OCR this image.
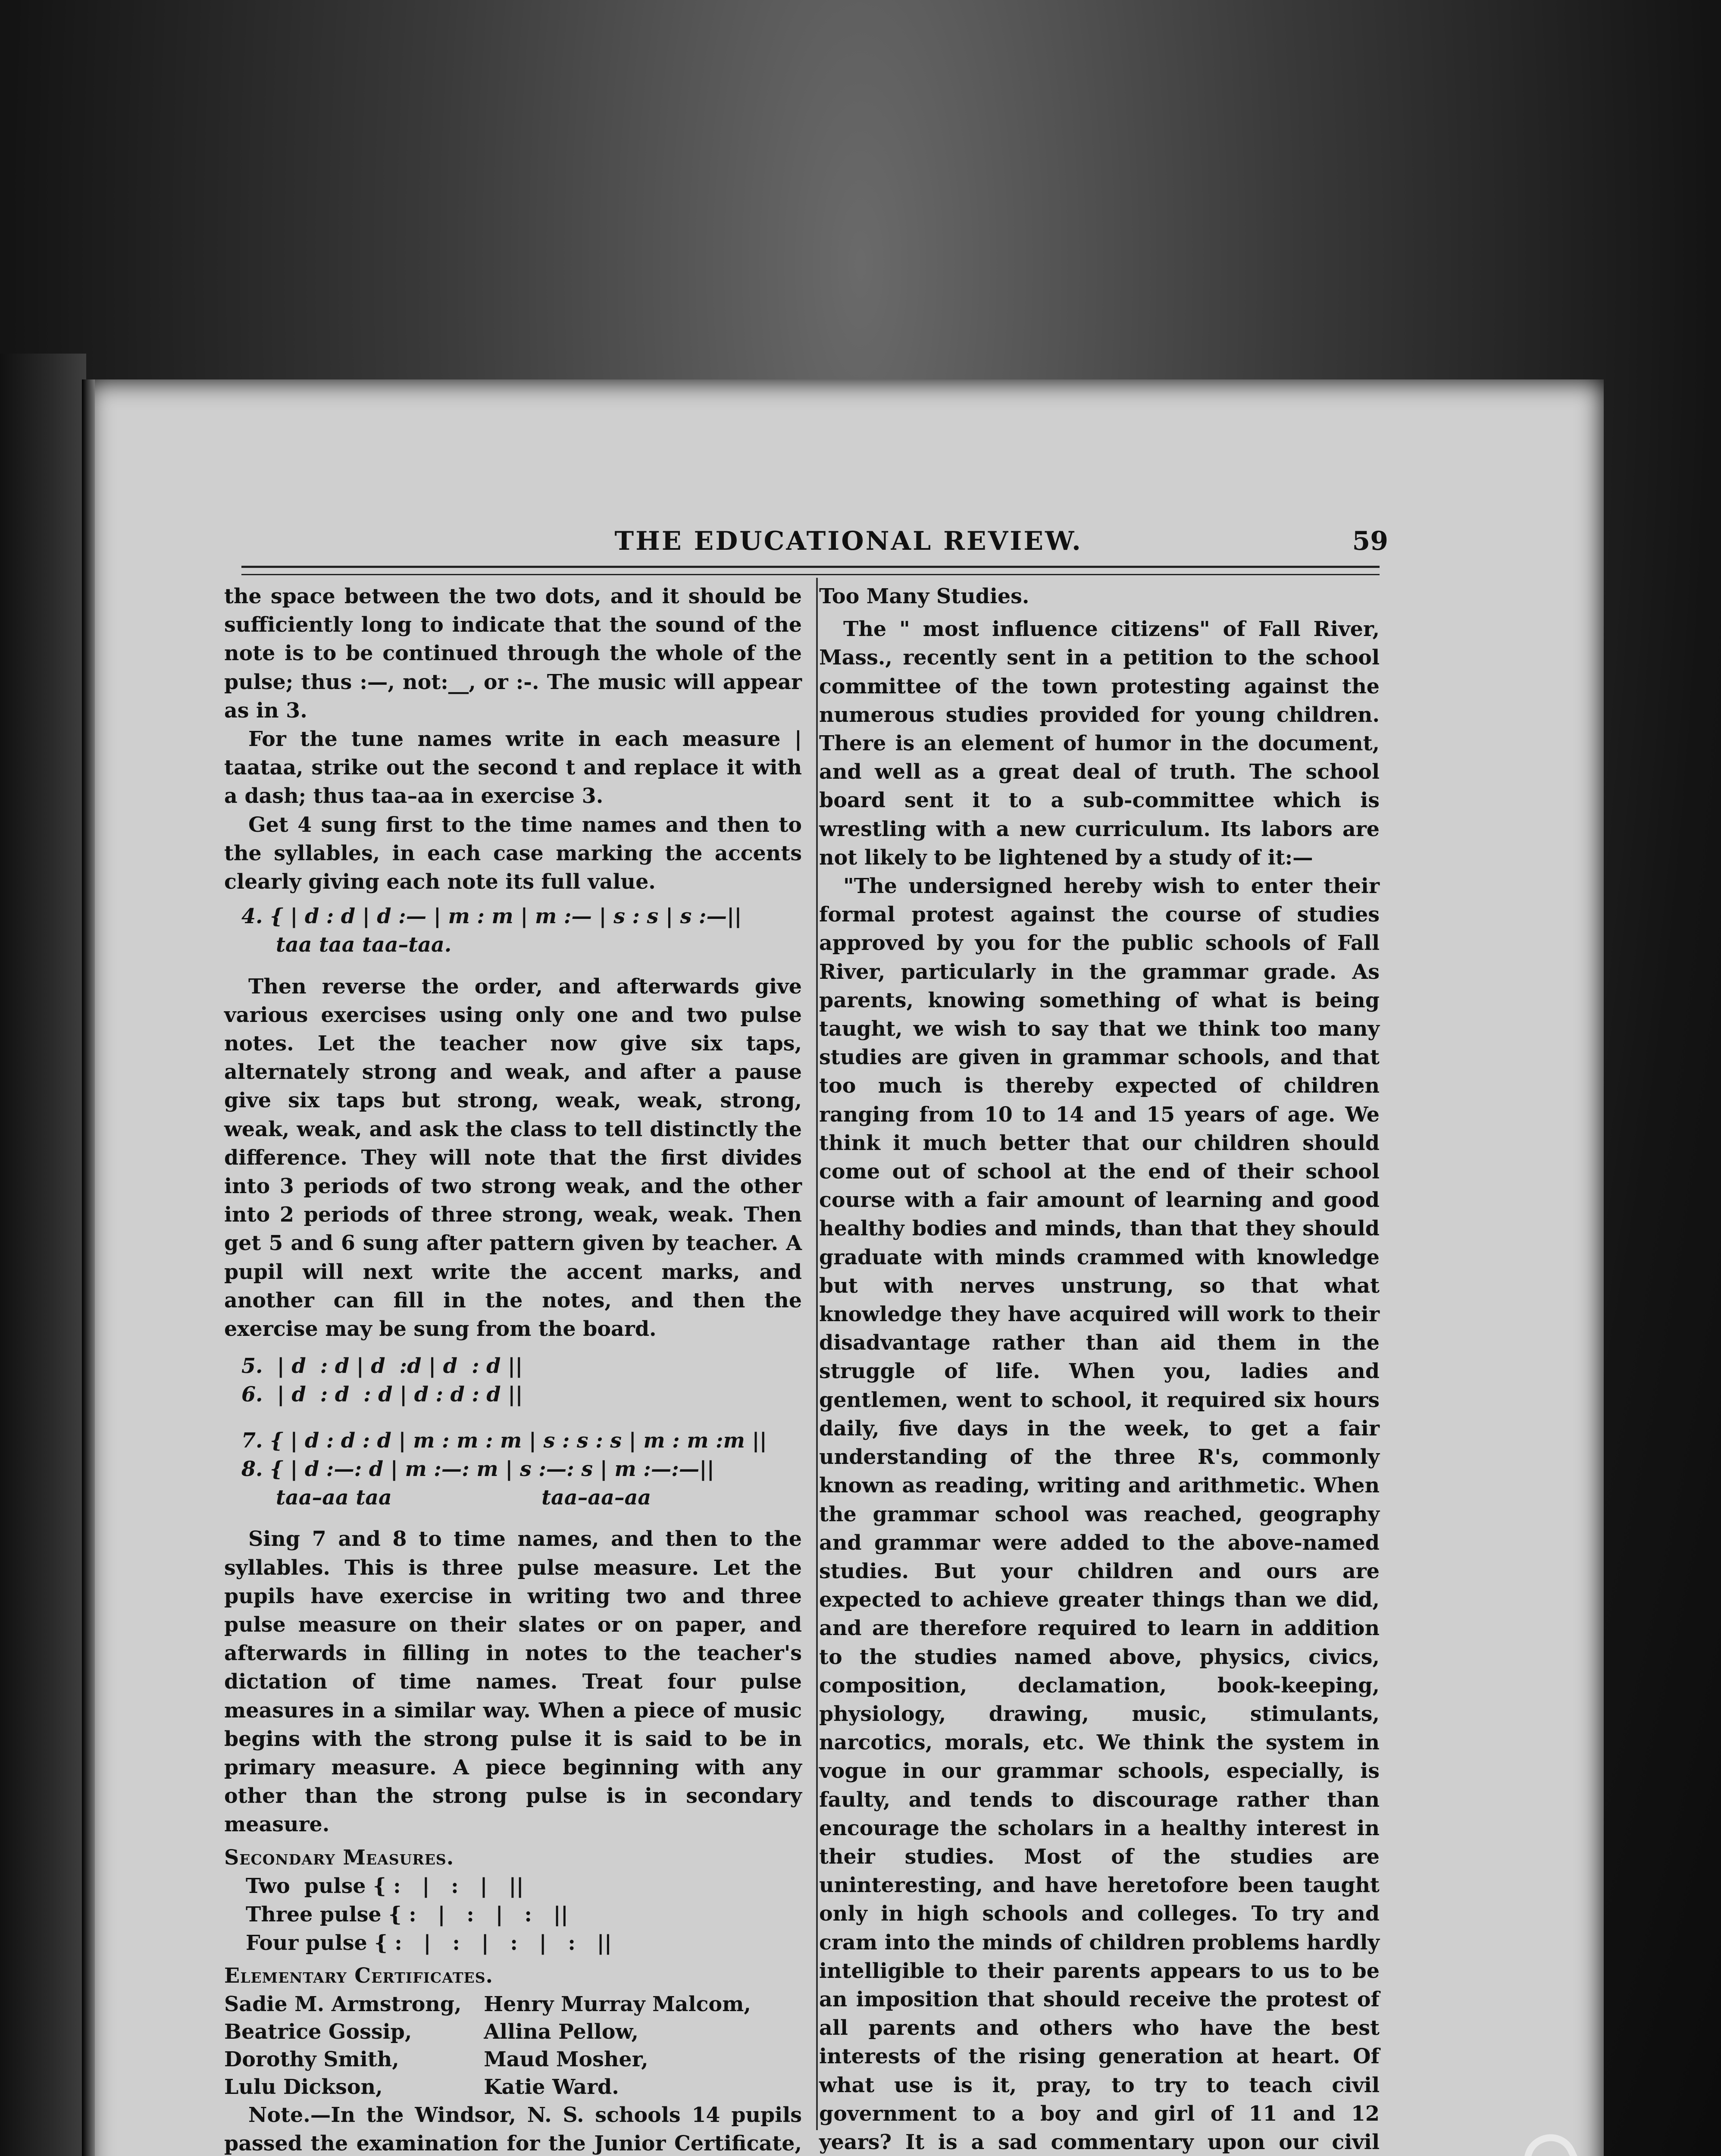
THE EDUCATIONAL REVIEW.	59

the space between the two dots, and it should be sufficiently long to indicate that the sound of the note is to be continued through the whole of the pulse; thus :—, not:__, or :-. The music will appear as in 3.

For the tune names write in each measure | taataa, strike out the second t and replace it with a dash; thus taa–aa in exercise 3.

Get 4 sung first to the time names and then to the syllables, in each case marking the accents clearly giving each note its full value.

4. { | d : d | d :— | m : m | m :— | s : s | s :—||

taa taa taa–taa.

Then reverse the order, and afterwards give various exercises using only one and two pulse notes. Let the teacher now give six taps, alternately strong and weak, and after a pause give six taps but strong, weak, weak, strong, weak, weak, and ask the class to tell distinctly the difference. They will note that the first divides into 3 periods of two strong weak, and the other into 2 periods of three strong, weak, weak. Then get 5 and 6 sung after pattern given by teacher. A pupil will next write the accent marks, and another can fill in the notes, and then the exercise may be sung from the board.

5.  | d  : d | d  :d | d  : d ||

6.  | d  : d  : d | d : d : d ||

7. { | d : d : d | m : m : m | s : s : s | m : m :m ||

8. { | d :—: d | m :—: m | s :—: s | m :—:—||

taa–aa taa                     taa–aa–aa

Sing 7 and 8 to time names, and then to the syllables. This is three pulse measure. Let the pupils have exercise in writing two and three pulse measure on their slates or on paper, and afterwards in filling in notes to the teacher's dictation of time names. Treat four pulse measures in a similar way. When a piece of music begins with the strong pulse it is said to be in primary measure. A piece beginning with any other than the strong pulse is in secondary measure.

Secondary Measures.

Two  pulse { :   |   :   |   ||

Three pulse { :   |   :   |   :   ||

Four pulse { :   |   :   |   :   |   :   ||

Elementary Certificates.

Sadie M. Armstrong,	Henry Murray Malcom,
Beatrice Gossip,	Allina Pellow,
Dorothy Smith,	Maud Mosher,
Lulu Dickson,	Katie Ward.

Note.—In the Windsor, N. S. schools 14 pupils passed the examination for the Junior Certificate,

Too Many Studies.

The " most influence citizens" of Fall River, Mass., recently sent in a petition to the school committee of the town protesting against the numerous studies provided for young children. There is an element of humor in the document, and well as a great deal of truth. The school board sent it to a sub-committee which is wrestling with a new curriculum. Its labors are not likely to be lightened by a study of it:—

"The undersigned hereby wish to enter their formal protest against the course of studies approved by you for the public schools of Fall River, particularly in the grammar grade. As parents, knowing something of what is being taught, we wish to say that we think too many studies are given in grammar schools, and that too much is thereby expected of children ranging from 10 to 14 and 15 years of age. We think it much better that our children should come out of school at the end of their school course with a fair amount of learning and good healthy bodies and minds, than that they should graduate with minds crammed with knowledge but with nerves unstrung, so that what knowledge they have acquired will work to their disadvantage rather than aid them in the struggle of life. When you, ladies and gentlemen, went to school, it required six hours daily, five days in the week, to get a fair understanding of the three R's, commonly known as reading, writing and arithmetic. When the grammar school was reached, geography and grammar were added to the above-named studies. But your children and ours are expected to achieve greater things than we did, and are therefore required to learn in addition to the studies named above, physics, civics, composition, declamation, book-keeping, physiology, drawing, music, stimulants, narcotics, morals, etc. We think the system in vogue in our grammar schools, especially, is faulty, and tends to discourage rather than encourage the scholars in a healthy interest in their studies. Most of the studies are uninteresting, and have heretofore been taught only in high schools and colleges. To try and cram into the minds of children problems hardly intelligible to their parents appears to us to be an imposition that should receive the protest of all parents and others who have the best interests of the rising generation at heart. Of what use is it, pray, to try to teach civil government to a boy and girl of 11 and 12 years? It is a sad commentary upon our civil
